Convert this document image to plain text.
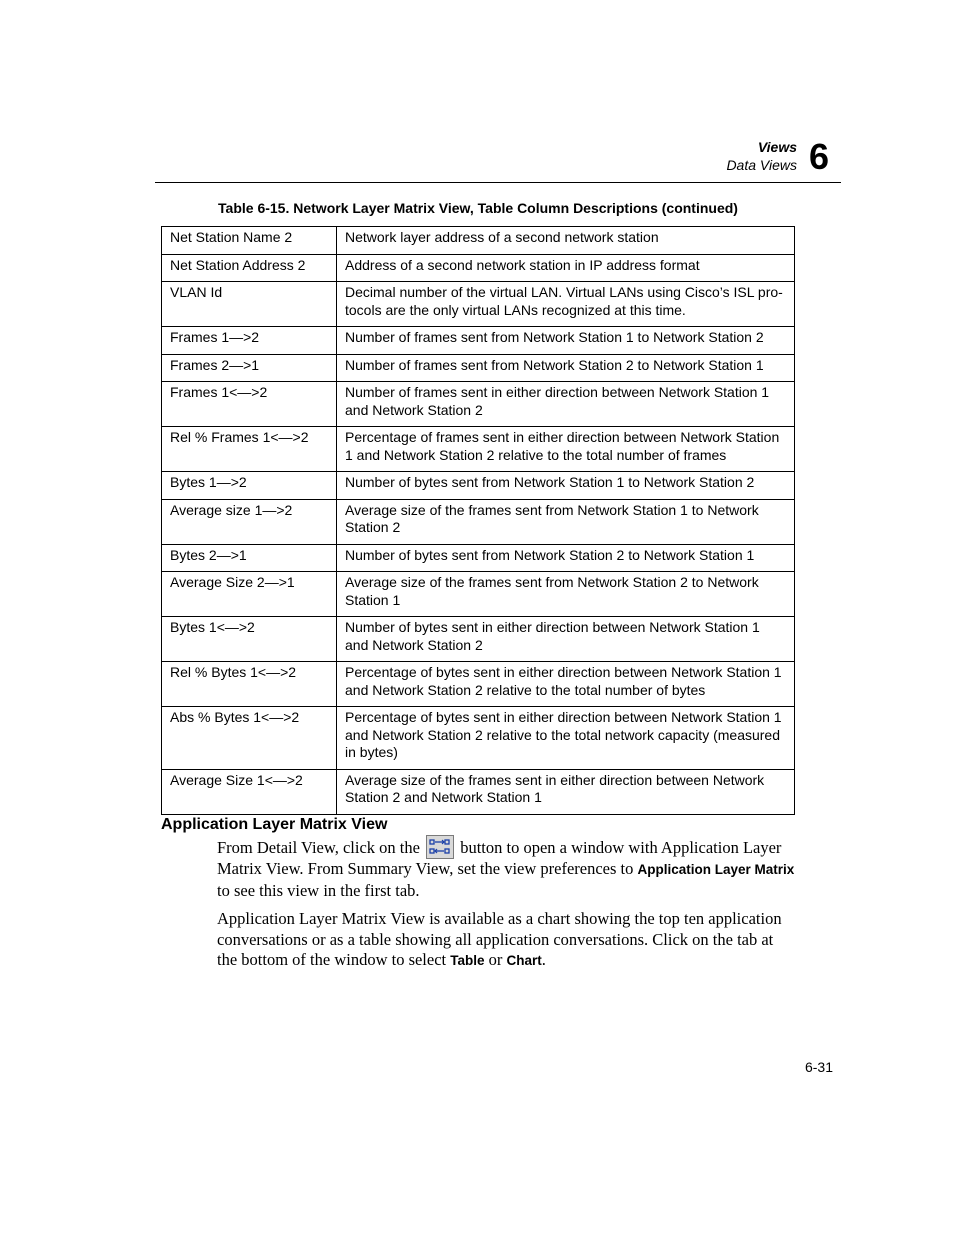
Views
Data Views 6
Table 6-15. Network Layer Matrix View, Table Column Descriptions (continued)
Net Station Name 2	Network layer address of a second network station
Net Station Address 2	Address of a second network station in IP address format
VLAN Id	Decimal number of the virtual LAN. Virtual LANs using Cisco’s ISL pro-tocols are the only virtual LANs recognized at this time.
Frames 1—>2	Number of frames sent from Network Station 1 to Network Station 2
Frames 2—>1	Number of frames sent from Network Station 2 to Network Station 1
Frames 1<—>2	Number of frames sent in either direction between Network Station 1 and Network Station 2
Rel % Frames 1<—>2	Percentage of frames sent in either direction between Network Station 1 and Network Station 2 relative to the total number of frames
Bytes 1—>2	Number of bytes sent from Network Station 1 to Network Station 2
Average size 1—>2	Average size of the frames sent from Network Station 1 to Network Station 2
Bytes 2—>1	Number of bytes sent from Network Station 2 to Network Station 1
Average Size 2—>1	Average size of the frames sent from Network Station 2 to Network Station 1
Bytes 1<—>2	Number of bytes sent in either direction between Network Station 1 and Network Station 2
Rel % Bytes 1<—>2	Percentage of bytes sent in either direction between Network Station 1 and Network Station 2 relative to the total number of bytes
Abs % Bytes 1<—>2	Percentage of bytes sent in either direction between Network Station 1 and Network Station 2 relative to the total network capacity (measured in bytes)
Average Size 1<—>2	Average size of the frames sent in either direction between Network Station 2 and Network Station 1
Application Layer Matrix View

From Detail View, click on the button to open a window with Application Layer Matrix View. From Summary View, set the view preferences to Application Layer Matrix to see this view in the first tab.

Application Layer Matrix View is available as a chart showing the top ten application conversations or as a table showing all application conversations. Click on the tab at the bottom of the window to select Table or Chart.

6-31
